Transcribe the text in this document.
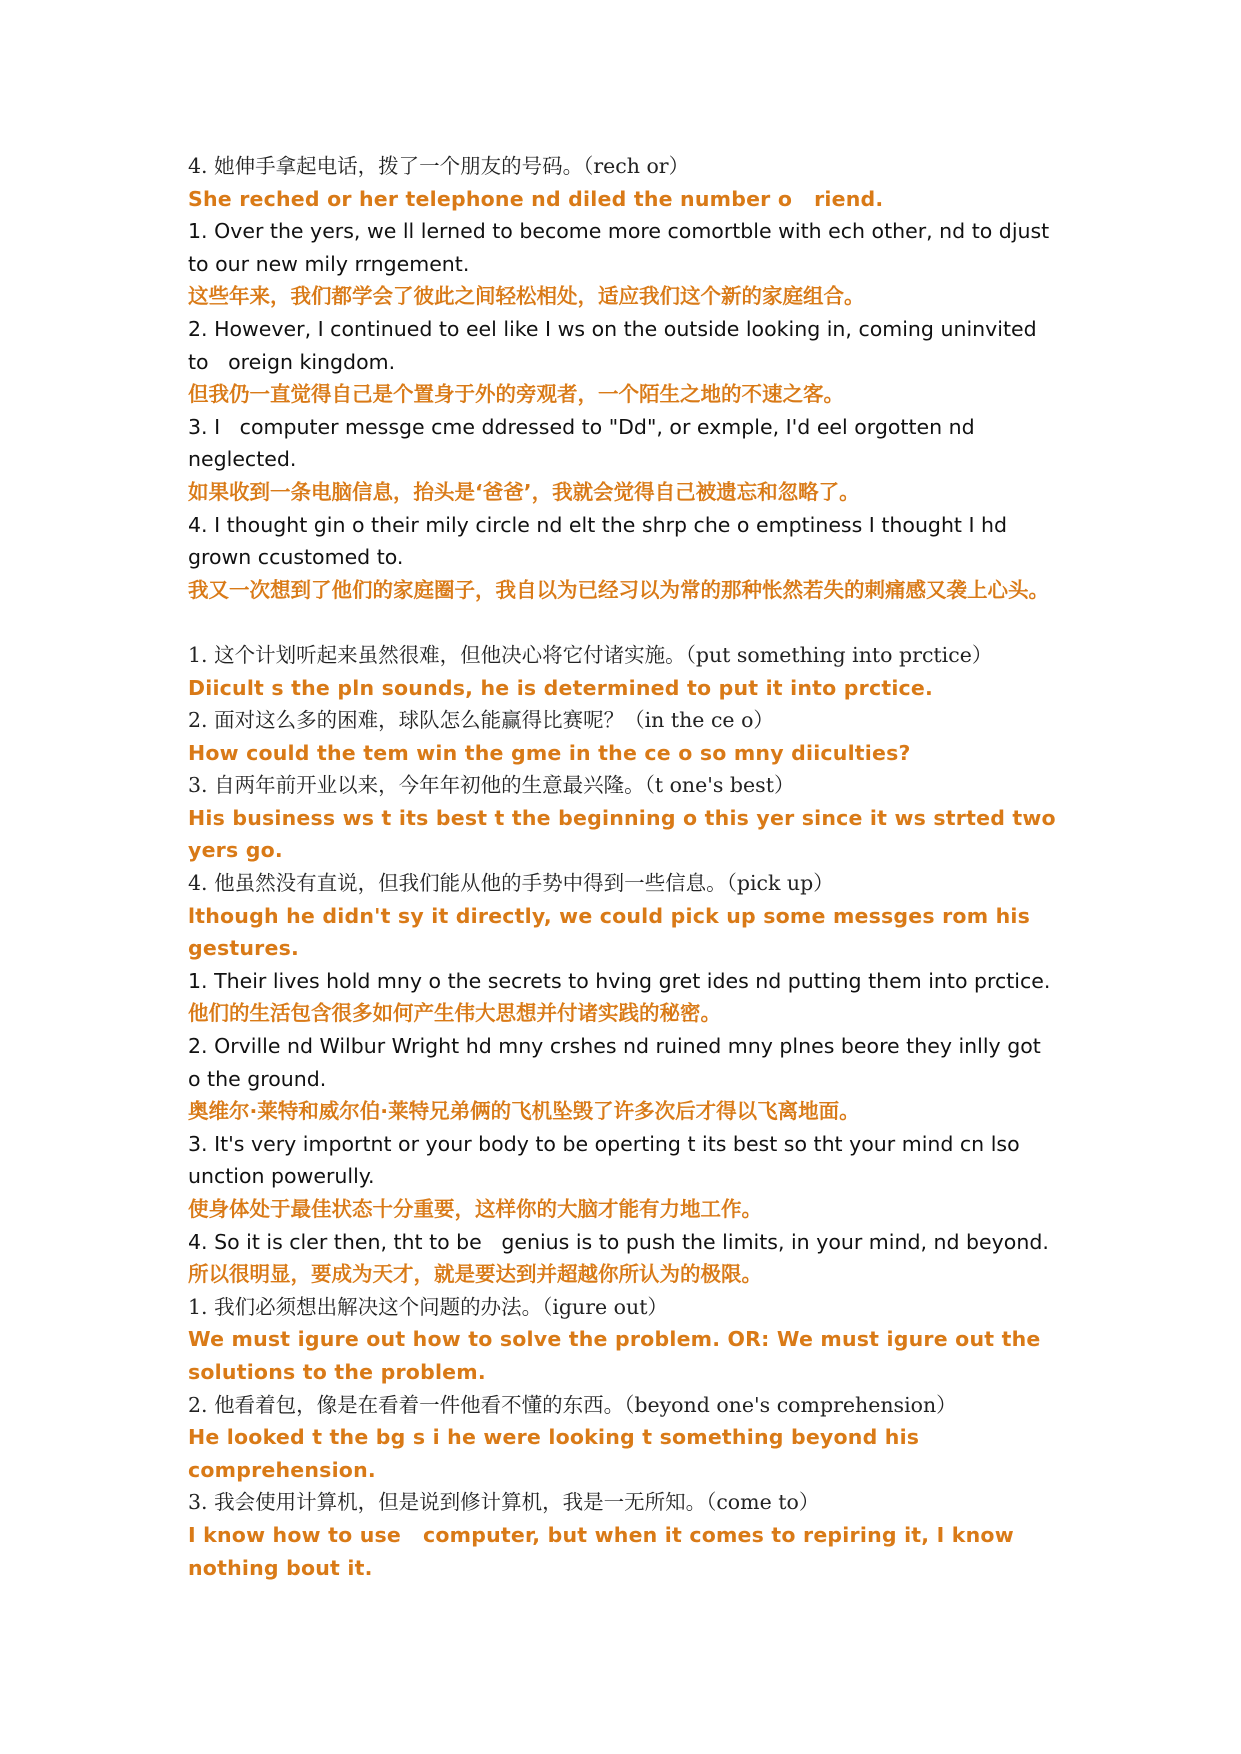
4. 她伸手拿起电话，拨了一个朋友的号码。（rech or）

She reched or her telephone nd diled the number o   riend.

1. Over the yers, we ll lerned to become more comortble with ech other, nd to djust to our new mily rrngement.

这些年来，我们都学会了彼此之间轻松相处，适应我们这个新的家庭组合。

2. However, I continued to eel like I ws on the outside looking in, coming uninvited to   oreign kingdom.

但我仍一直觉得自己是个置身于外的旁观者，一个陌生之地的不速之客。

3. I   computer messge cme ddressed to "Dd", or exmple, I'd eel orgotten nd neglected.

如果收到一条电脑信息，抬头是‘爸爸’，我就会觉得自己被遗忘和忽略了。

4. I thought gin o their mily circle nd elt the shrp che o emptiness I thought I hd grown ccustomed to.

我又一次想到了他们的家庭圈子，我自以为已经习以为常的那种怅然若失的刺痛感又袭上心头。

1. 这个计划听起来虽然很难，但他决心将它付诸实施。（put something into prctice）

Diicult s the pln sounds, he is determined to put it into prctice.

2. 面对这么多的困难，球队怎么能赢得比赛呢？（in the ce o）

How could the tem win the gme in the ce o so mny diiculties?

3. 自两年前开业以来，今年年初他的生意最兴隆。（t one's best）

His business ws t its best t the beginning o this yer since it ws strted two yers go.

4. 他虽然没有直说，但我们能从他的手势中得到一些信息。（pick up）

lthough he didn't sy it directly, we could pick up some messges rom his gestures.

1. Their lives hold mny o the secrets to hving gret ides nd putting them into prctice.

他们的生活包含很多如何产生伟大思想并付诸实践的秘密。

2. Orville nd Wilbur Wright hd mny crshes nd ruined mny plnes beore they inlly got o the ground.

奥维尔·莱特和威尔伯·莱特兄弟俩的飞机坠毁了许多次后才得以飞离地面。

3. It's very importnt or your body to be operting t its best so tht your mind cn lso unction powerully.

使身体处于最佳状态十分重要，这样你的大脑才能有力地工作。

4. So it is cler then, tht to be   genius is to push the limits, in your mind, nd beyond.

所以很明显，要成为天才，就是要达到并超越你所认为的极限。

1. 我们必须想出解决这个问题的办法。（igure out）

We must igure out how to solve the problem. OR: We must igure out the solutions to the problem.

2. 他看着包，像是在看着一件他看不懂的东西。（beyond one's comprehension）

He looked t the bg s i he were looking t something beyond his comprehension.

3. 我会使用计算机，但是说到修计算机，我是一无所知。（come to）

I know how to use   computer, but when it comes to repiring it, I know nothing bout it.
